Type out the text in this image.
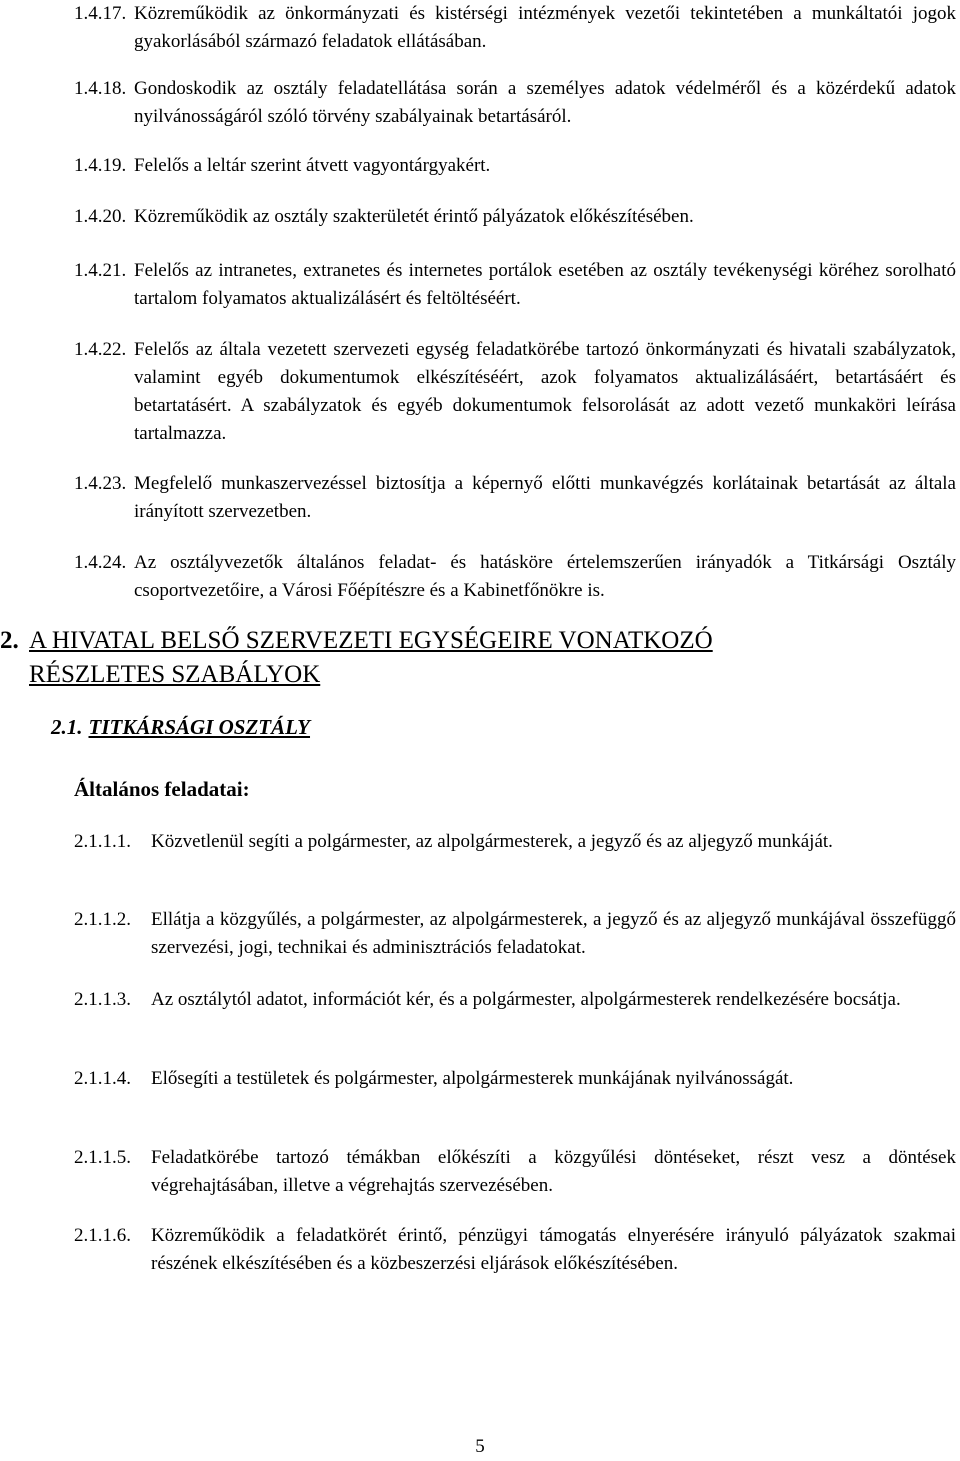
1.4.17. Közreműködik az önkormányzati és kistérségi intézmények vezetői tekintetében a munkáltatói jogok gyakorlásából származó feladatok ellátásában.
1.4.18. Gondoskodik az osztály feladatellátása során a személyes adatok védelméről és a közérdekű adatok nyilvánosságáról szóló törvény szabályainak betartásáról.
1.4.19. Felelős a leltár szerint átvett vagyontárgyakért.
1.4.20. Közreműködik az osztály szakterületét érintő pályázatok előkészítésében.
1.4.21. Felelős az intranetes, extranetes és internetes portálok esetében az osztály tevékenységi köréhez sorolható tartalom folyamatos aktualizálásért és feltöltéséért.
1.4.22. Felelős az általa vezetett szervezeti egység feladatkörébe tartozó önkormányzati és hivatali szabályzatok, valamint egyéb dokumentumok elkészítéséért, azok folyamatos aktualizálásáért, betartásáért és betartatásért. A szabályzatok és egyéb dokumentumok felsorolását az adott vezető munkaköri leírása tartalmazza.
1.4.23. Megfelelő munkaszervezéssel biztosítja a képernyő előtti munkavégzés korlátainak betartását az általa irányított szervezetben.
1.4.24. Az osztályvezetők általános feladat- és hatásköre értelemszerűen irányadók a Titkársági Osztály csoportvezetőire, a Városi Főépítészre és a Kabinetfőnökre is.
2. A HIVATAL BELSŐ SZERVEZETI EGYSÉGEIRE VONATKOZÓ
RÉSZLETES SZABÁLYOK
2.1. TITKÁRSÁGI OSZTÁLY
Általános feladatai:
2.1.1.1. Közvetlenül segíti a polgármester, az alpolgármesterek, a jegyző és az aljegyző munkáját.
2.1.1.2. Ellátja a közgyűlés, a polgármester, az alpolgármesterek, a jegyző és az aljegyző munkájával összefüggő szervezési, jogi, technikai és adminisztrációs feladatokat.
2.1.1.3. Az osztálytól adatot, információt kér, és a polgármester, alpolgármesterek rendelkezésére bocsátja.
2.1.1.4. Elősegíti a testületek és polgármester, alpolgármesterek munkájának nyilvánosságát.
2.1.1.5. Feladatkörébe tartozó témákban előkészíti a közgyűlési döntéseket, részt vesz a döntések végrehajtásában, illetve a végrehajtás szervezésében.
2.1.1.6. Közreműködik a feladatkörét érintő, pénzügyi támogatás elnyerésére irányuló pályázatok szakmai részének elkészítésében és a közbeszerzési eljárások előkészítésében.
5
